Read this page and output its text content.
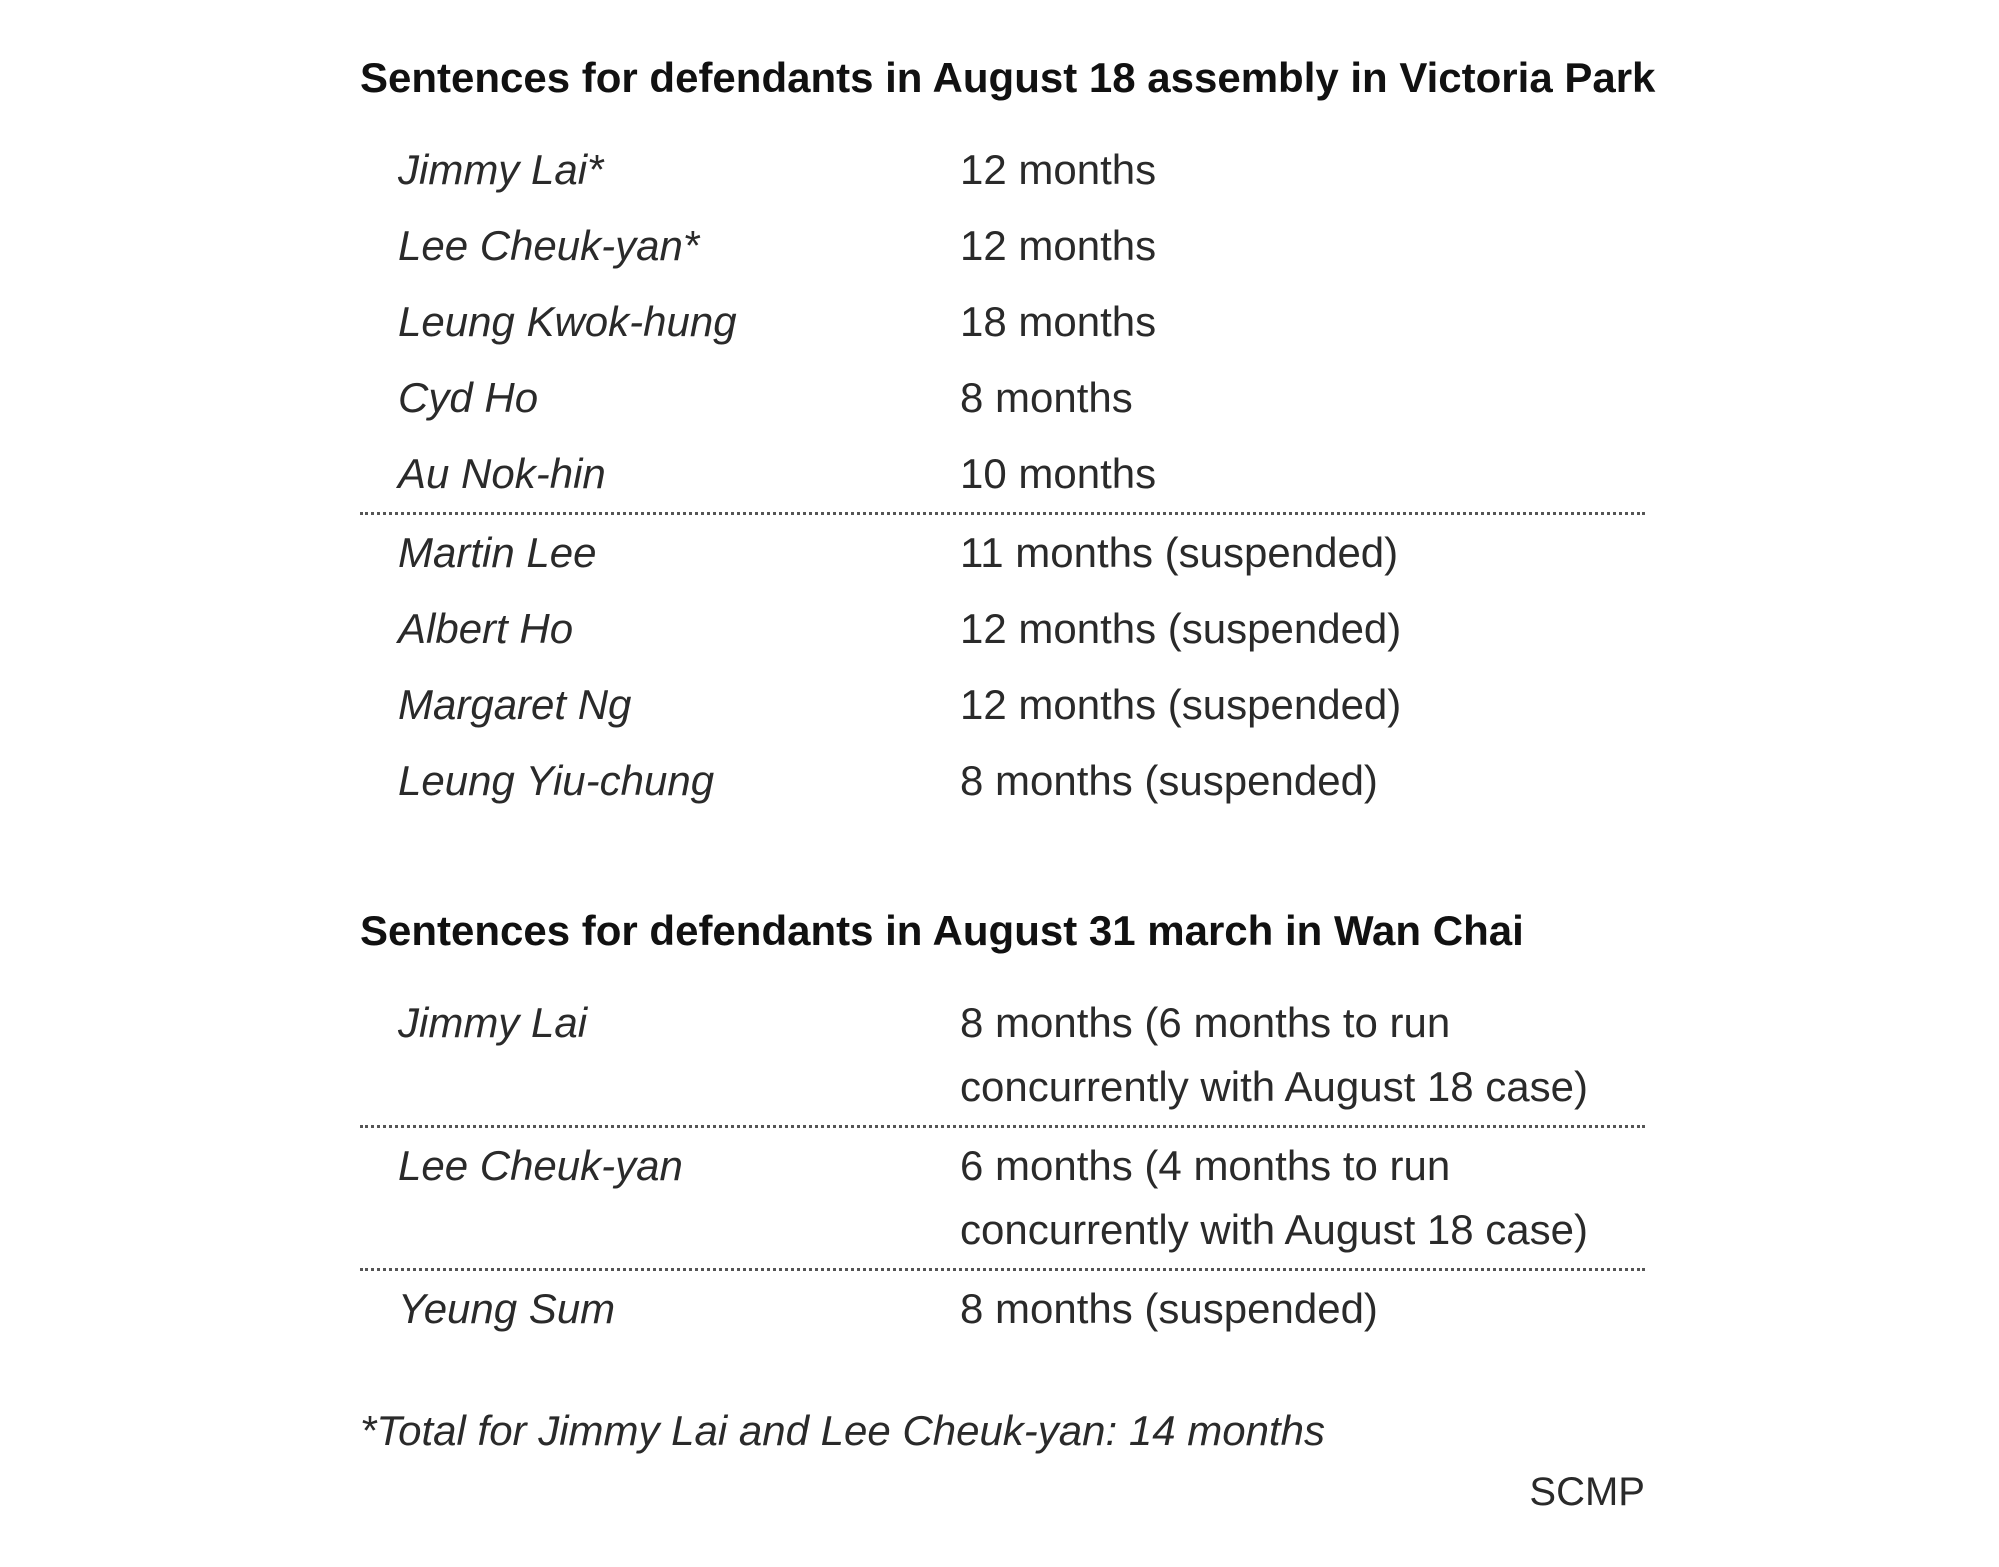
Sentences for defendants in August 18 assembly in Victoria Park
Jimmy Lai*	12 months
Lee Cheuk-yan*	12 months
Leung Kwok-hung	18 months
Cyd Ho	8 months
Au Nok-hin	10 months
Martin Lee	11 months (suspended)
Albert Ho	12 months (suspended)
Margaret Ng	12 months (suspended)
Leung Yiu-chung	8 months (suspended)
Sentences for defendants in August 31 march in Wan Chai
Jimmy Lai	8 months (6 months to run
concurrently with August 18 case)
Lee Cheuk-yan	6 months (4 months to run
concurrently with August 18 case)
Yeung Sum	8 months (suspended)
*Total for Jimmy Lai and Lee Cheuk-yan: 14 months
SCMP
